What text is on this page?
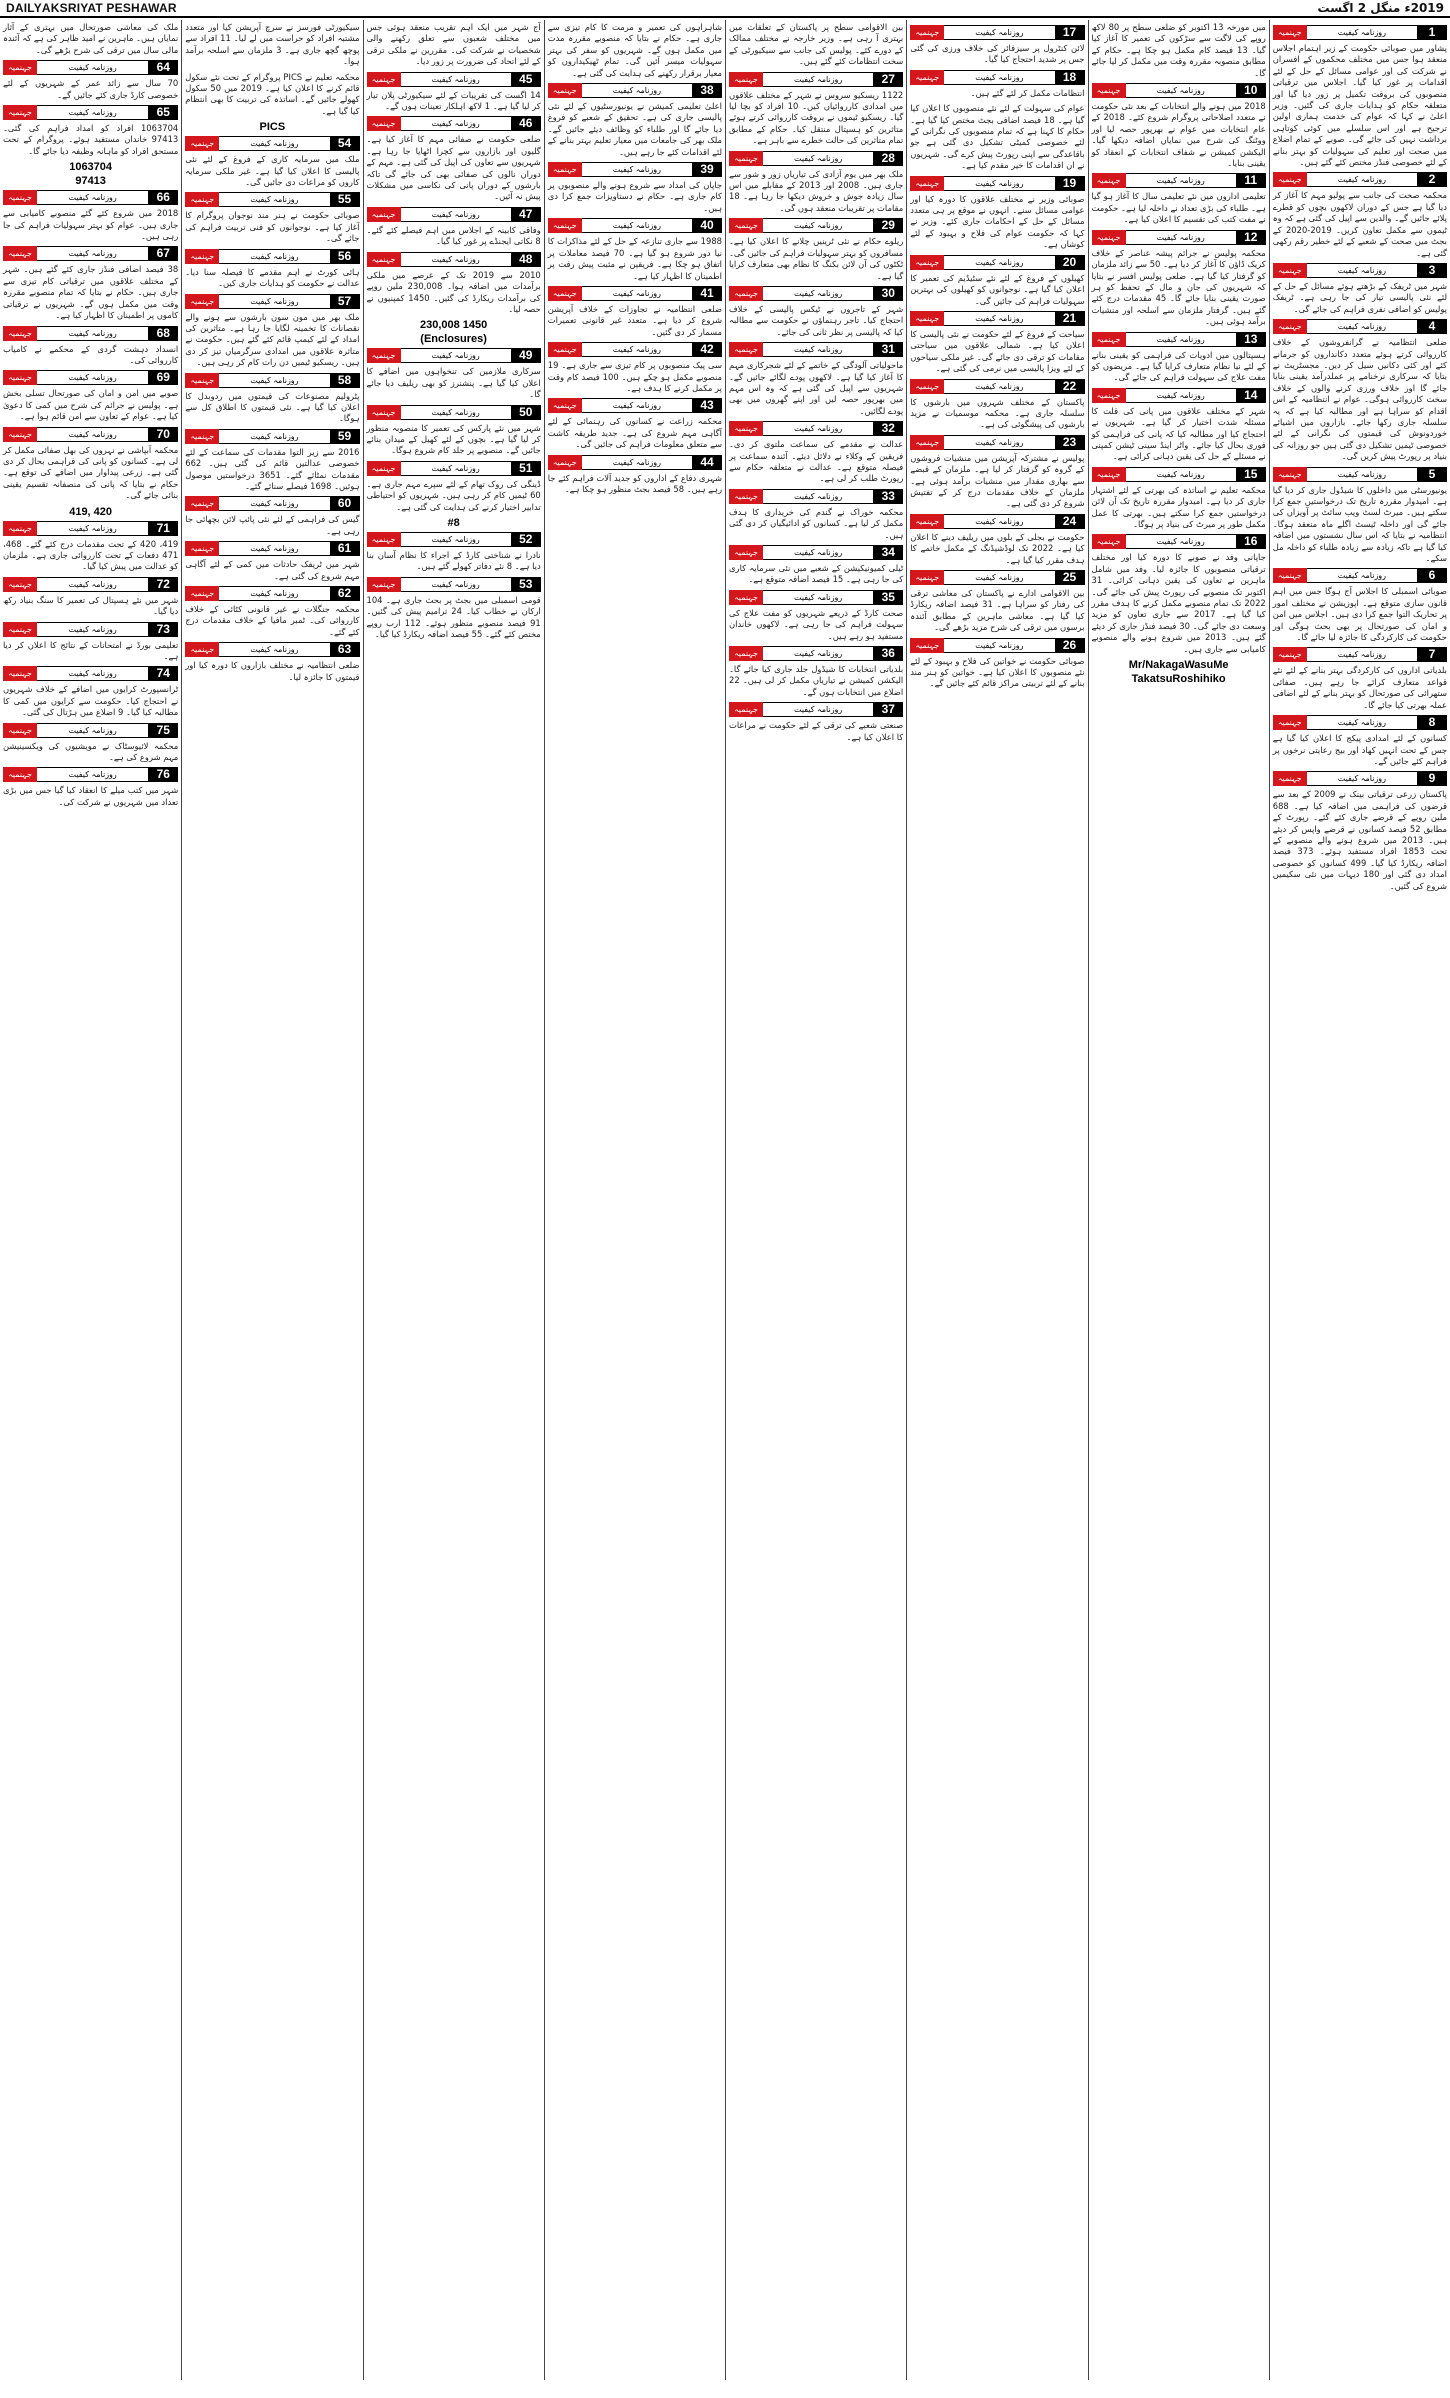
DAILYAKSRIYAT PESHAWAR	2019ء منگل 2 اگست
جہنمیہ	روزنامہ کیفیت	1
پشاور میں صوبائی حکومت کے زیر اہتمام اجلاس منعقد ہوا جس میں مختلف محکموں کے افسران نے شرکت کی اور عوامی مسائل کے حل کے لئے اقدامات پر غور کیا گیا۔ اجلاس میں ترقیاتی منصوبوں کی بروقت تکمیل پر زور دیا گیا اور متعلقہ حکام کو ہدایات جاری کی گئیں۔ وزیر اعلیٰ نے کہا کہ عوام کی خدمت ہماری اولین ترجیح ہے اور اس سلسلے میں کوئی کوتاہی برداشت نہیں کی جائے گی۔ صوبے کے تمام اضلاع میں صحت اور تعلیم کی سہولیات کو بہتر بنانے کے لئے خصوصی فنڈز مختص کئے گئے ہیں۔
جہنمیہ	روزنامہ کیفیت	2
محکمہ صحت کی جانب سے پولیو مہم کا آغاز کر دیا گیا ہے جس کے دوران لاکھوں بچوں کو قطرے پلائے جائیں گے۔ والدین سے اپیل کی گئی ہے کہ وہ ٹیموں سے مکمل تعاون کریں۔ 2019-2020 کے بجٹ میں صحت کے شعبے کے لئے خطیر رقم رکھی گئی ہے۔
جہنمیہ	روزنامہ کیفیت	3
شہر میں ٹریفک کے بڑھتے ہوئے مسائل کے حل کے لئے نئی پالیسی تیار کی جا رہی ہے۔ ٹریفک پولیس کو اضافی نفری فراہم کی جائے گی۔
جہنمیہ	روزنامہ کیفیت	4
ضلعی انتظامیہ نے گرانفروشوں کے خلاف کارروائی کرتے ہوئے متعدد دکانداروں کو جرمانے کئے اور کئی دکانیں سیل کر دیں۔ مجسٹریٹ نے بتایا کہ سرکاری نرخنامے پر عملدرآمد یقینی بنایا جائے گا اور خلاف ورزی کرنے والوں کے خلاف سخت کارروائی ہوگی۔ عوام نے انتظامیہ کے اس اقدام کو سراہا ہے اور مطالبہ کیا ہے کہ یہ سلسلہ جاری رکھا جائے۔ بازاروں میں اشیائے خوردونوش کی قیمتوں کی نگرانی کے لئے خصوصی ٹیمیں تشکیل دی گئی ہیں جو روزانہ کی بنیاد پر رپورٹ پیش کریں گی۔
جہنمیہ	روزنامہ کیفیت	5
یونیورسٹی میں داخلوں کا شیڈول جاری کر دیا گیا ہے۔ امیدوار مقررہ تاریخ تک درخواستیں جمع کرا سکتے ہیں۔ میرٹ لسٹ ویب سائٹ پر آویزاں کی جائے گی اور داخلہ ٹیسٹ اگلے ماہ منعقد ہوگا۔ انتظامیہ نے بتایا کہ اس سال نشستوں میں اضافہ کیا گیا ہے تاکہ زیادہ سے زیادہ طلباء کو داخلہ مل سکے۔
جہنمیہ	روزنامہ کیفیت	6
صوبائی اسمبلی کا اجلاس آج ہوگا جس میں اہم قانون سازی متوقع ہے۔ اپوزیشن نے مختلف امور پر تحاریک التوا جمع کرا دی ہیں۔ اجلاس میں امن و امان کی صورتحال پر بھی بحث ہوگی اور حکومت کی کارکردگی کا جائزہ لیا جائے گا۔
جہنمیہ	روزنامہ کیفیت	7
بلدیاتی اداروں کی کارکردگی بہتر بنانے کے لئے نئے قواعد متعارف کرائے جا رہے ہیں۔ صفائی ستھرائی کی صورتحال کو بہتر بنانے کے لئے اضافی عملہ بھرتی کیا جائے گا۔
جہنمیہ	روزنامہ کیفیت	8
کسانوں کے لئے امدادی پیکج کا اعلان کیا گیا ہے جس کے تحت انہیں کھاد اور بیج رعایتی نرخوں پر فراہم کئے جائیں گے۔
جہنمیہ	روزنامہ کیفیت	9
پاکستان زرعی ترقیاتی بینک نے 2009 کے بعد سے قرضوں کی فراہمی میں اضافہ کیا ہے۔ 688 ملین روپے کے قرضے جاری کئے گئے۔ رپورٹ کے مطابق 52 فیصد کسانوں نے قرضے واپس کر دیئے ہیں۔ 2013 میں شروع ہونے والے منصوبے کے تحت 1853 افراد مستفید ہوئے۔ 373 فیصد اضافہ ریکارڈ کیا گیا۔ 499 کسانوں کو خصوصی امداد دی گئی اور 180 دیہات میں نئی سکیمیں شروع کی گئیں۔
میں مورخہ 13 اکتوبر کو ضلعی سطح پر 80 لاکھ روپے کی لاگت سے سڑکوں کی تعمیر کا آغاز کیا گیا۔ 13 فیصد کام مکمل ہو چکا ہے۔ حکام کے مطابق منصوبہ مقررہ وقت میں مکمل کر لیا جائے گا۔
جہنمیہ	روزنامہ کیفیت	10
2018 میں ہونے والے انتخابات کے بعد نئی حکومت نے متعدد اصلاحاتی پروگرام شروع کئے۔ 2018 کے عام انتخابات میں عوام نے بھرپور حصہ لیا اور ووٹنگ کی شرح میں نمایاں اضافہ دیکھا گیا۔ الیکشن کمیشن نے شفاف انتخابات کے انعقاد کو یقینی بنایا۔
جہنمیہ	روزنامہ کیفیت	11
تعلیمی اداروں میں نئے تعلیمی سال کا آغاز ہو گیا ہے۔ طلباء کی بڑی تعداد نے داخلہ لیا ہے۔ حکومت نے مفت کتب کی تقسیم کا اعلان کیا ہے۔
جہنمیہ	روزنامہ کیفیت	12
محکمہ پولیس نے جرائم پیشہ عناصر کے خلاف کریک ڈاؤن کا آغاز کر دیا ہے۔ 50 سے زائد ملزمان کو گرفتار کیا گیا ہے۔ ضلعی پولیس افسر نے بتایا کہ شہریوں کی جان و مال کے تحفظ کو ہر صورت یقینی بنایا جائے گا۔ 45 مقدمات درج کئے گئے ہیں۔ گرفتار ملزمان سے اسلحہ اور منشیات برآمد ہوئی ہیں۔
جہنمیہ	روزنامہ کیفیت	13
ہسپتالوں میں ادویات کی فراہمی کو یقینی بنانے کے لئے نیا نظام متعارف کرایا گیا ہے۔ مریضوں کو مفت علاج کی سہولت فراہم کی جائے گی۔
جہنمیہ	روزنامہ کیفیت	14
شہر کے مختلف علاقوں میں پانی کی قلت کا مسئلہ شدت اختیار کر گیا ہے۔ شہریوں نے احتجاج کیا اور مطالبہ کیا کہ پانی کی فراہمی کو فوری بحال کیا جائے۔ واٹر اینڈ سینی ٹیشن کمپنی نے مسئلے کے حل کی یقین دہانی کرائی ہے۔
جہنمیہ	روزنامہ کیفیت	15
محکمہ تعلیم نے اساتذہ کی بھرتی کے لئے اشتہار جاری کر دیا ہے۔ امیدوار مقررہ تاریخ تک آن لائن درخواستیں جمع کرا سکتے ہیں۔ بھرتی کا عمل مکمل طور پر میرٹ کی بنیاد پر ہوگا۔
جہنمیہ	روزنامہ کیفیت	16
جاپانی وفد نے صوبے کا دورہ کیا اور مختلف ترقیاتی منصوبوں کا جائزہ لیا۔ وفد میں شامل ماہرین نے تعاون کی یقین دہانی کرائی۔ 31 اکتوبر تک منصوبے کی رپورٹ پیش کی جائے گی۔ 2022 تک تمام منصوبے مکمل کرنے کا ہدف مقرر کیا گیا ہے۔ 2017 سے جاری تعاون کو مزید وسعت دی جائے گی۔ 30 فیصد فنڈز جاری کر دیئے گئے ہیں۔ 2013 میں شروع ہونے والے منصوبے کامیابی سے جاری ہیں۔
Mr/NakagaWasuMe
TakatsuRoshihiko
جہنمیہ	روزنامہ کیفیت	17
لائن کنٹرول پر سیزفائر کی خلاف ورزی کی گئی جس پر شدید احتجاج کیا گیا۔
جہنمیہ	روزنامہ کیفیت	18
انتظامات مکمل کر لئے گئے ہیں۔
عوام کی سہولت کے لئے نئے منصوبوں کا اعلان کیا گیا ہے۔ 18 فیصد اضافی بجٹ مختص کیا گیا ہے۔ حکام کا کہنا ہے کہ تمام منصوبوں کی نگرانی کے لئے خصوصی کمیٹی تشکیل دی گئی ہے جو باقاعدگی سے اپنی رپورٹ پیش کرے گی۔ شہریوں نے ان اقدامات کا خیر مقدم کیا ہے۔
جہنمیہ	روزنامہ کیفیت	19
صوبائی وزیر نے مختلف علاقوں کا دورہ کیا اور عوامی مسائل سنے۔ انہوں نے موقع پر ہی متعدد مسائل کے حل کے احکامات جاری کئے۔ وزیر نے کہا کہ حکومت عوام کی فلاح و بہبود کے لئے کوشاں ہے۔
جہنمیہ	روزنامہ کیفیت	20
کھیلوں کے فروغ کے لئے نئے سٹیڈیم کی تعمیر کا اعلان کیا گیا ہے۔ نوجوانوں کو کھیلوں کی بہترین سہولیات فراہم کی جائیں گی۔
جہنمیہ	روزنامہ کیفیت	21
سیاحت کے فروغ کے لئے حکومت نے نئی پالیسی کا اعلان کیا ہے۔ شمالی علاقوں میں سیاحتی مقامات کو ترقی دی جائے گی۔ غیر ملکی سیاحوں کے لئے ویزا پالیسی میں نرمی کی گئی ہے۔
جہنمیہ	روزنامہ کیفیت	22
پاکستان کے مختلف شہروں میں بارشوں کا سلسلہ جاری ہے۔ محکمہ موسمیات نے مزید بارشوں کی پیشگوئی کی ہے۔
جہنمیہ	روزنامہ کیفیت	23
پولیس نے مشترکہ آپریشن میں منشیات فروشوں کے گروہ کو گرفتار کر لیا ہے۔ ملزمان کے قبضے سے بھاری مقدار میں منشیات برآمد ہوئی ہے۔ ملزمان کے خلاف مقدمات درج کر کے تفتیش شروع کر دی گئی ہے۔
جہنمیہ	روزنامہ کیفیت	24
حکومت نے بجلی کے بلوں میں ریلیف دینے کا اعلان کیا ہے۔ 2022 تک لوڈشیڈنگ کے مکمل خاتمے کا ہدف مقرر کیا گیا ہے۔
جہنمیہ	روزنامہ کیفیت	25
بین الاقوامی ادارے نے پاکستان کی معاشی ترقی کی رفتار کو سراہا ہے۔ 31 فیصد اضافہ ریکارڈ کیا گیا ہے۔ معاشی ماہرین کے مطابق آئندہ برسوں میں ترقی کی شرح مزید بڑھے گی۔
جہنمیہ	روزنامہ کیفیت	26
صوبائی حکومت نے خواتین کی فلاح و بہبود کے لئے نئے منصوبوں کا اعلان کیا ہے۔ خواتین کو ہنر مند بنانے کے لئے تربیتی مراکز قائم کئے جائیں گے۔
بین الاقوامی سطح پر پاکستان کے تعلقات میں بہتری آ رہی ہے۔ وزیر خارجہ نے مختلف ممالک کے دورے کئے۔ پولیس کی جانب سے سیکیورٹی کے سخت انتظامات کئے گئے ہیں۔
جہنمیہ	روزنامہ کیفیت	27
1122 ریسکیو سروس نے شہر کے مختلف علاقوں میں امدادی کارروائیاں کیں۔ 10 افراد کو بچا لیا گیا۔ ریسکیو ٹیموں نے بروقت کارروائی کرتے ہوئے متاثرین کو ہسپتال منتقل کیا۔ حکام کے مطابق تمام متاثرین کی حالت خطرے سے باہر ہے۔
جہنمیہ	روزنامہ کیفیت	28
ملک بھر میں یوم آزادی کی تیاریاں زور و شور سے جاری ہیں۔ 2008 اور 2013 کے مقابلے میں اس سال زیادہ جوش و خروش دیکھا جا رہا ہے۔ 18 مقامات پر تقریبات منعقد ہوں گی۔
جہنمیہ	روزنامہ کیفیت	29
ریلوے حکام نے نئی ٹرینیں چلانے کا اعلان کیا ہے۔ مسافروں کو بہتر سہولیات فراہم کی جائیں گی۔ ٹکٹوں کی آن لائن بکنگ کا نظام بھی متعارف کرایا گیا ہے۔
جہنمیہ	روزنامہ کیفیت	30
شہر کے تاجروں نے ٹیکس پالیسی کے خلاف احتجاج کیا۔ تاجر رہنماؤں نے حکومت سے مطالبہ کیا کہ پالیسی پر نظر ثانی کی جائے۔
جہنمیہ	روزنامہ کیفیت	31
ماحولیاتی آلودگی کے خاتمے کے لئے شجرکاری مہم کا آغاز کیا گیا ہے۔ لاکھوں پودے لگائے جائیں گے۔ شہریوں سے اپیل کی گئی ہے کہ وہ اس مہم میں بھرپور حصہ لیں اور اپنے گھروں میں بھی پودے لگائیں۔
جہنمیہ	روزنامہ کیفیت	32
عدالت نے مقدمے کی سماعت ملتوی کر دی۔ فریقین کے وکلاء نے دلائل دیئے۔ آئندہ سماعت پر فیصلہ متوقع ہے۔ عدالت نے متعلقہ حکام سے رپورٹ طلب کر لی ہے۔
جہنمیہ	روزنامہ کیفیت	33
محکمہ خوراک نے گندم کی خریداری کا ہدف مکمل کر لیا ہے۔ کسانوں کو ادائیگیاں کر دی گئی ہیں۔
جہنمیہ	روزنامہ کیفیت	34
ٹیلی کمیونیکیشن کے شعبے میں نئی سرمایہ کاری کی جا رہی ہے۔ 15 فیصد اضافہ متوقع ہے۔
جہنمیہ	روزنامہ کیفیت	35
صحت کارڈ کے ذریعے شہریوں کو مفت علاج کی سہولت فراہم کی جا رہی ہے۔ لاکھوں خاندان مستفید ہو رہے ہیں۔
جہنمیہ	روزنامہ کیفیت	36
بلدیاتی انتخابات کا شیڈول جلد جاری کیا جائے گا۔ الیکشن کمیشن نے تیاریاں مکمل کر لی ہیں۔ 22 اضلاع میں انتخابات ہوں گے۔
جہنمیہ	روزنامہ کیفیت	37
صنعتی شعبے کی ترقی کے لئے حکومت نے مراعات کا اعلان کیا ہے۔
شاہراہوں کی تعمیر و مرمت کا کام تیزی سے جاری ہے۔ حکام نے بتایا کہ منصوبے مقررہ مدت میں مکمل ہوں گے۔ شہریوں کو سفر کی بہتر سہولیات میسر آئیں گی۔ تمام ٹھیکیداروں کو معیار برقرار رکھنے کی ہدایت کی گئی ہے۔
جہنمیہ	روزنامہ کیفیت	38
اعلیٰ تعلیمی کمیشن نے یونیورسٹیوں کے لئے نئی پالیسی جاری کی ہے۔ تحقیق کے شعبے کو فروغ دیا جائے گا اور طلباء کو وظائف دیئے جائیں گے۔ ملک بھر کی جامعات میں معیار تعلیم بہتر بنانے کے لئے اقدامات کئے جا رہے ہیں۔
جہنمیہ	روزنامہ کیفیت	39
جاپان کی امداد سے شروع ہونے والے منصوبوں پر کام جاری ہے۔ حکام نے دستاویزات جمع کرا دی ہیں۔
جہنمیہ	روزنامہ کیفیت	40
1988 سے جاری تنازعہ کے حل کے لئے مذاکرات کا نیا دور شروع ہو گیا ہے۔ 70 فیصد معاملات پر اتفاق ہو چکا ہے۔ فریقین نے مثبت پیش رفت پر اطمینان کا اظہار کیا ہے۔
جہنمیہ	روزنامہ کیفیت	41
ضلعی انتظامیہ نے تجاوزات کے خلاف آپریشن شروع کر دیا ہے۔ متعدد غیر قانونی تعمیرات مسمار کر دی گئیں۔
جہنمیہ	روزنامہ کیفیت	42
سی پیک منصوبوں پر کام تیزی سے جاری ہے۔ 19 منصوبے مکمل ہو چکے ہیں۔ 100 فیصد کام وقت پر مکمل کرنے کا ہدف ہے۔
جہنمیہ	روزنامہ کیفیت	43
محکمہ زراعت نے کسانوں کی رہنمائی کے لئے آگاہی مہم شروع کی ہے۔ جدید طریقہ کاشت سے متعلق معلومات فراہم کی جائیں گی۔
جہنمیہ	روزنامہ کیفیت	44
شہری دفاع کے اداروں کو جدید آلات فراہم کئے جا رہے ہیں۔ 58 فیصد بجٹ منظور ہو چکا ہے۔
آج شہر میں ایک اہم تقریب منعقد ہوئی جس میں مختلف شعبوں سے تعلق رکھنے والی شخصیات نے شرکت کی۔ مقررین نے ملکی ترقی کے لئے اتحاد کی ضرورت پر زور دیا۔
جہنمیہ	روزنامہ کیفیت	45
14 اگست کی تقریبات کے لئے سیکیورٹی پلان تیار کر لیا گیا ہے۔ 1 لاکھ اہلکار تعینات ہوں گے۔
جہنمیہ	روزنامہ کیفیت	46
ضلعی حکومت نے صفائی مہم کا آغاز کیا ہے۔ گلیوں اور بازاروں سے کچرا اٹھایا جا رہا ہے۔ شہریوں سے تعاون کی اپیل کی گئی ہے۔ مہم کے دوران نالوں کی صفائی بھی کی جائے گی تاکہ بارشوں کے دوران پانی کی نکاسی میں مشکلات پیش نہ آئیں۔
جہنمیہ	روزنامہ کیفیت	47
وفاقی کابینہ کے اجلاس میں اہم فیصلے کئے گئے۔ 8 نکاتی ایجنڈے پر غور کیا گیا۔
جہنمیہ	روزنامہ کیفیت	48
2010 سے 2019 تک کے عرصے میں ملکی برآمدات میں اضافہ ہوا۔ 230,008 ملین روپے کی برآمدات ریکارڈ کی گئیں۔ 1450 کمپنیوں نے حصہ لیا۔
230,008 1450
(Enclosures)
جہنمیہ	روزنامہ کیفیت	49
سرکاری ملازمین کی تنخواہوں میں اضافے کا اعلان کیا گیا ہے۔ پنشنرز کو بھی ریلیف دیا جائے گا۔
جہنمیہ	روزنامہ کیفیت	50
شہر میں نئے پارکس کی تعمیر کا منصوبہ منظور کر لیا گیا ہے۔ بچوں کے لئے کھیل کے میدان بنائے جائیں گے۔ منصوبے پر جلد کام شروع ہوگا۔
جہنمیہ	روزنامہ کیفیت	51
ڈینگی کی روک تھام کے لئے سپرے مہم جاری ہے۔ 60 ٹیمیں کام کر رہی ہیں۔ شہریوں کو احتیاطی تدابیر اختیار کرنے کی ہدایت کی گئی ہے۔
#8
جہنمیہ	روزنامہ کیفیت	52
نادرا نے شناختی کارڈ کے اجراء کا نظام آسان بنا دیا ہے۔ 8 نئے دفاتر کھولے گئے ہیں۔
جہنمیہ	روزنامہ کیفیت	53
قومی اسمبلی میں بجٹ پر بحث جاری ہے۔ 104 ارکان نے خطاب کیا۔ 24 ترامیم پیش کی گئیں۔ 91 فیصد منصوبے منظور ہوئے۔ 112 ارب روپے مختص کئے گئے۔ 55 فیصد اضافہ ریکارڈ کیا گیا۔
سیکیورٹی فورسز نے سرچ آپریشن کیا اور متعدد مشتبہ افراد کو حراست میں لے لیا۔ 11 افراد سے پوچھ گچھ جاری ہے۔ 3 ملزمان سے اسلحہ برآمد ہوا۔
محکمہ تعلیم نے PICS پروگرام کے تحت نئے سکول قائم کرنے کا اعلان کیا ہے۔ 2019 میں 50 سکول کھولے جائیں گے۔ اساتذہ کی تربیت کا بھی انتظام کیا گیا ہے۔
PICS
جہنمیہ	روزنامہ کیفیت	54
ملک میں سرمایہ کاری کے فروغ کے لئے نئی پالیسی کا اعلان کیا گیا ہے۔ غیر ملکی سرمایہ کاروں کو مراعات دی جائیں گی۔
جہنمیہ	روزنامہ کیفیت	55
صوبائی حکومت نے ہنر مند نوجوان پروگرام کا آغاز کیا ہے۔ نوجوانوں کو فنی تربیت فراہم کی جائے گی۔
جہنمیہ	روزنامہ کیفیت	56
ہائی کورٹ نے اہم مقدمے کا فیصلہ سنا دیا۔ عدالت نے حکومت کو ہدایات جاری کیں۔
جہنمیہ	روزنامہ کیفیت	57
ملک بھر میں مون سون بارشوں سے ہونے والے نقصانات کا تخمینہ لگایا جا رہا ہے۔ متاثرین کی امداد کے لئے کیمپ قائم کئے گئے ہیں۔ حکومت نے متاثرہ علاقوں میں امدادی سرگرمیاں تیز کر دی ہیں۔ ریسکیو ٹیمیں دن رات کام کر رہی ہیں۔
جہنمیہ	روزنامہ کیفیت	58
پٹرولیم مصنوعات کی قیمتوں میں ردوبدل کا اعلان کیا گیا ہے۔ نئی قیمتوں کا اطلاق کل سے ہوگا۔
جہنمیہ	روزنامہ کیفیت	59
2016 سے زیر التوا مقدمات کی سماعت کے لئے خصوصی عدالتیں قائم کی گئی ہیں۔ 662 مقدمات نمٹائے گئے۔ 3651 درخواستیں موصول ہوئیں۔ 1698 فیصلے سنائے گئے۔
جہنمیہ	روزنامہ کیفیت	60
گیس کی فراہمی کے لئے نئی پائپ لائن بچھائی جا رہی ہے۔
جہنمیہ	روزنامہ کیفیت	61
شہر میں ٹریفک حادثات میں کمی کے لئے آگاہی مہم شروع کی گئی ہے۔
جہنمیہ	روزنامہ کیفیت	62
محکمہ جنگلات نے غیر قانونی کٹائی کے خلاف کارروائی کی۔ ٹمبر مافیا کے خلاف مقدمات درج کئے گئے۔
جہنمیہ	روزنامہ کیفیت	63
ضلعی انتظامیہ نے مختلف بازاروں کا دورہ کیا اور قیمتوں کا جائزہ لیا۔
ملک کی معاشی صورتحال میں بہتری کے آثار نمایاں ہیں۔ ماہرین نے امید ظاہر کی ہے کہ آئندہ مالی سال میں ترقی کی شرح بڑھے گی۔
جہنمیہ	روزنامہ کیفیت	64
70 سال سے زائد عمر کے شہریوں کے لئے خصوصی کارڈ جاری کئے جائیں گے۔
جہنمیہ	روزنامہ کیفیت	65
1063704 افراد کو امداد فراہم کی گئی۔ 97413 خاندان مستفید ہوئے۔ پروگرام کے تحت مستحق افراد کو ماہانہ وظیفہ دیا جائے گا۔
1063704
97413
جہنمیہ	روزنامہ کیفیت	66
2018 میں شروع کئے گئے منصوبے کامیابی سے جاری ہیں۔ عوام کو بہتر سہولیات فراہم کی جا رہی ہیں۔
جہنمیہ	روزنامہ کیفیت	67
38 فیصد اضافی فنڈز جاری کئے گئے ہیں۔ شہر کے مختلف علاقوں میں ترقیاتی کام تیزی سے جاری ہیں۔ حکام نے بتایا کہ تمام منصوبے مقررہ وقت میں مکمل ہوں گے۔ شہریوں نے ترقیاتی کاموں پر اطمینان کا اظہار کیا ہے۔
جہنمیہ	روزنامہ کیفیت	68
انسداد دہشت گردی کے محکمے نے کامیاب کارروائی کی۔
جہنمیہ	روزنامہ کیفیت	69
صوبے میں امن و امان کی صورتحال تسلی بخش ہے۔ پولیس نے جرائم کی شرح میں کمی کا دعویٰ کیا ہے۔ عوام کے تعاون سے امن قائم ہوا ہے۔
جہنمیہ	روزنامہ کیفیت	70
محکمہ آبپاشی نے نہروں کی بھل صفائی مکمل کر لی ہے۔ کسانوں کو پانی کی فراہمی بحال کر دی گئی ہے۔ زرعی پیداوار میں اضافے کی توقع ہے۔ حکام نے بتایا کہ پانی کی منصفانہ تقسیم یقینی بنائی جائے گی۔
419, 420
جہنمیہ	روزنامہ کیفیت	71
419، 420 کے تحت مقدمات درج کئے گئے۔ 468، 471 دفعات کے تحت کارروائی جاری ہے۔ ملزمان کو عدالت میں پیش کیا گیا۔
جہنمیہ	روزنامہ کیفیت	72
شہر میں نئے ہسپتال کی تعمیر کا سنگ بنیاد رکھ دیا گیا۔
جہنمیہ	روزنامہ کیفیت	73
تعلیمی بورڈ نے امتحانات کے نتائج کا اعلان کر دیا ہے۔
جہنمیہ	روزنامہ کیفیت	74
ٹرانسپورٹ کرایوں میں اضافے کے خلاف شہریوں نے احتجاج کیا۔ حکومت سے کرایوں میں کمی کا مطالبہ کیا گیا۔ 9 اضلاع میں ہڑتال کی گئی۔
جہنمیہ	روزنامہ کیفیت	75
محکمہ لائیوسٹاک نے مویشیوں کی ویکسینیشن مہم شروع کی ہے۔
جہنمیہ	روزنامہ کیفیت	76
شہر میں کتب میلے کا انعقاد کیا گیا جس میں بڑی تعداد میں شہریوں نے شرکت کی۔
